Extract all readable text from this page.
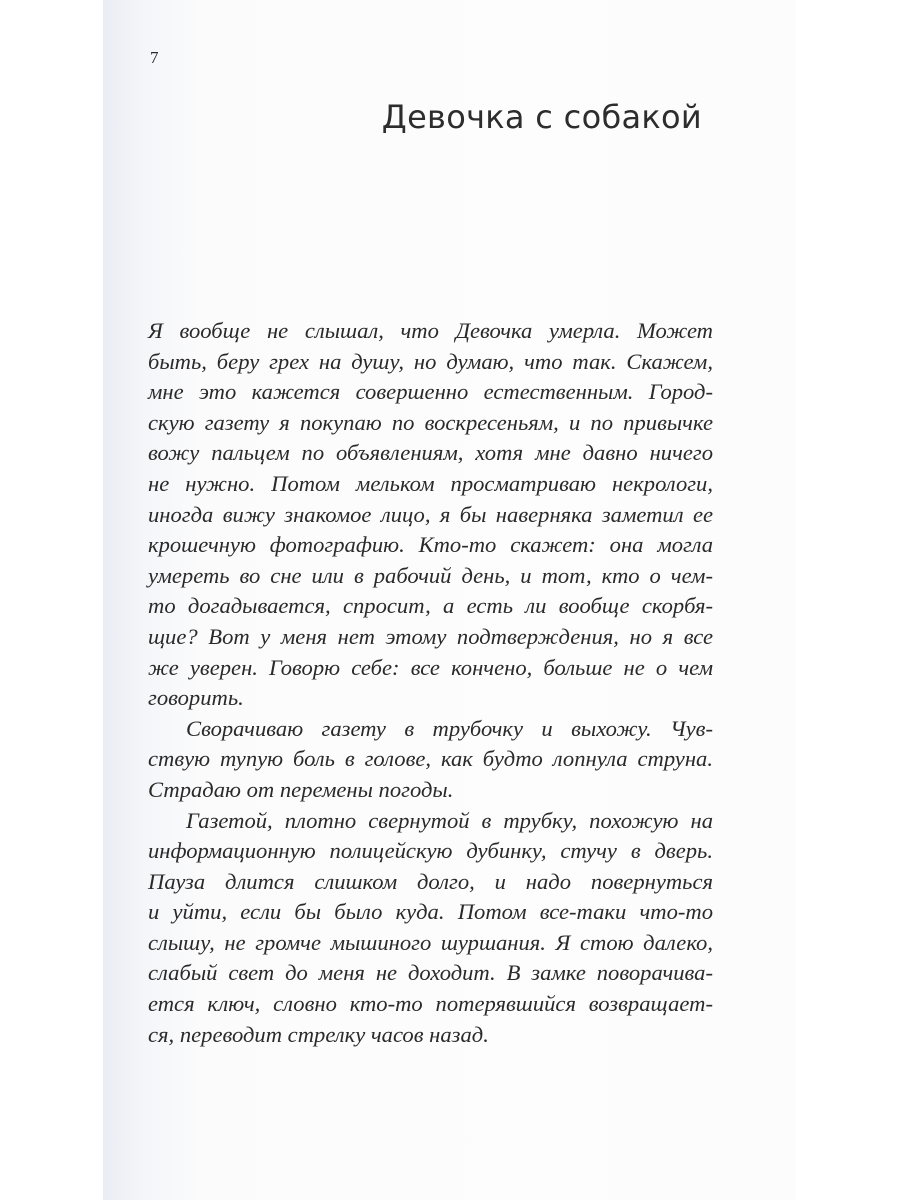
7
Девочка с собакой
Я вообще не слышал, что Девочка умерла. Может
быть, беру грех на душу, но думаю, что так. Скажем,
мне это кажется совершенно естественным. Город-
скую газету я покупаю по воскресеньям, и по привычке
вожу пальцем по объявлениям, хотя мне давно ничего
не нужно. Потом мельком просматриваю некрологи,
иногда вижу знакомое лицо, я бы наверняка заметил ее
крошечную фотографию. Кто-то скажет: она могла
умереть во сне или в рабочий день, и тот, кто о чем-
то догадывается, спросит, а есть ли вообще скорбя-
щие? Вот у меня нет этому подтверждения, но я все
же уверен. Говорю себе: все кончено, больше не о чем
говорить.
Сворачиваю газету в трубочку и выхожу. Чув-
ствую тупую боль в голове, как будто лопнула струна.
Страдаю от перемены погоды.
Газетой, плотно свернутой в трубку, похожую на
информационную полицейскую дубинку, стучу в дверь.
Пауза длится слишком долго, и надо повернуться
и уйти, если бы было куда. Потом все-таки что-то
слышу, не громче мышиного шуршания. Я стою далеко,
слабый свет до меня не доходит. В замке поворачива-
ется ключ, словно кто-то потерявшийся возвращает-
ся, переводит стрелку часов назад.
